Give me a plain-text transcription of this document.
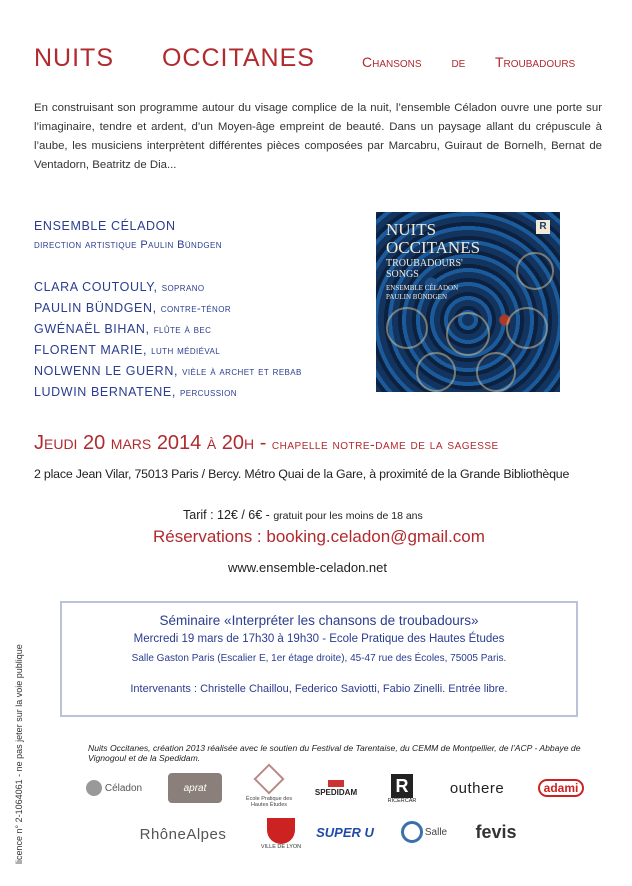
NUITS OCCITANES	Chansons de Troubadours
En construisant son programme autour du visage complice de la nuit, l’ensemble Céladon ouvre une porte sur l’imaginaire, tendre et ardent, d’un Moyen-âge empreint de beauté. Dans un paysage allant du crépuscule à l’aube, les musiciens interprètent différentes pièces composées par Marcabru, Guiraut de Bornelh, Bernat de Ventadorn, Beatritz de Dia...
ENSEMBLE CÉLADON
direction artistique Paulin Bündgen
CLARA COUTOULY, soprano
PAULIN BÜNDGEN, contre-ténor
GWÉNAËL BIHAN, flûte à bec
FLORENT MARIE, luth médiéval
NOLWENN LE GUERN, vièle à archet et rebab
LUDWIN BERNATENE, percussion
NUITS
OCCITANES
TROUBADOURS'
SONGS
ENSEMBLE CÉLADON
PAULIN BÜNDGEN
R
Jeudi 20 mars 2014 à 20h - chapelle notre-dame de la sagesse
2 place Jean Vilar, 75013 Paris / Bercy. Métro Quai de la Gare, à proximité de la Grande Bibliothèque
Tarif : 12€ / 6€ - gratuit pour les moins de 18 ans
Réservations : booking.celadon@gmail.com
www.ensemble-celadon.net
Séminaire «Interpréter les chansons de troubadours»
Mercredi 19 mars de 17h30 à 19h30 - Ecole Pratique des Hautes Études
Salle Gaston Paris (Escalier E, 1er étage droite), 45-47 rue des Écoles, 75005 Paris.
Intervenants : Christelle Chaillou, Federico Saviotti, Fabio Zinelli. Entrée libre.
Nuits Occitanes, création 2013 réalisée avec le soutien du Festival de Tarentaise, du CEMM de Montpellier, de l’ACP - Abbaye de Vignogoul et de la Spedidam.
licence n° 2-1064061 - ne pas jeter sur la voie publique	Céladon	aprat
École Pratique des Hautes Études
SPEDIDAM R
RICERCAR
outhere	adami
RhôneAlpes
VILLE DE LYON
SUPER U	Salle fevis
